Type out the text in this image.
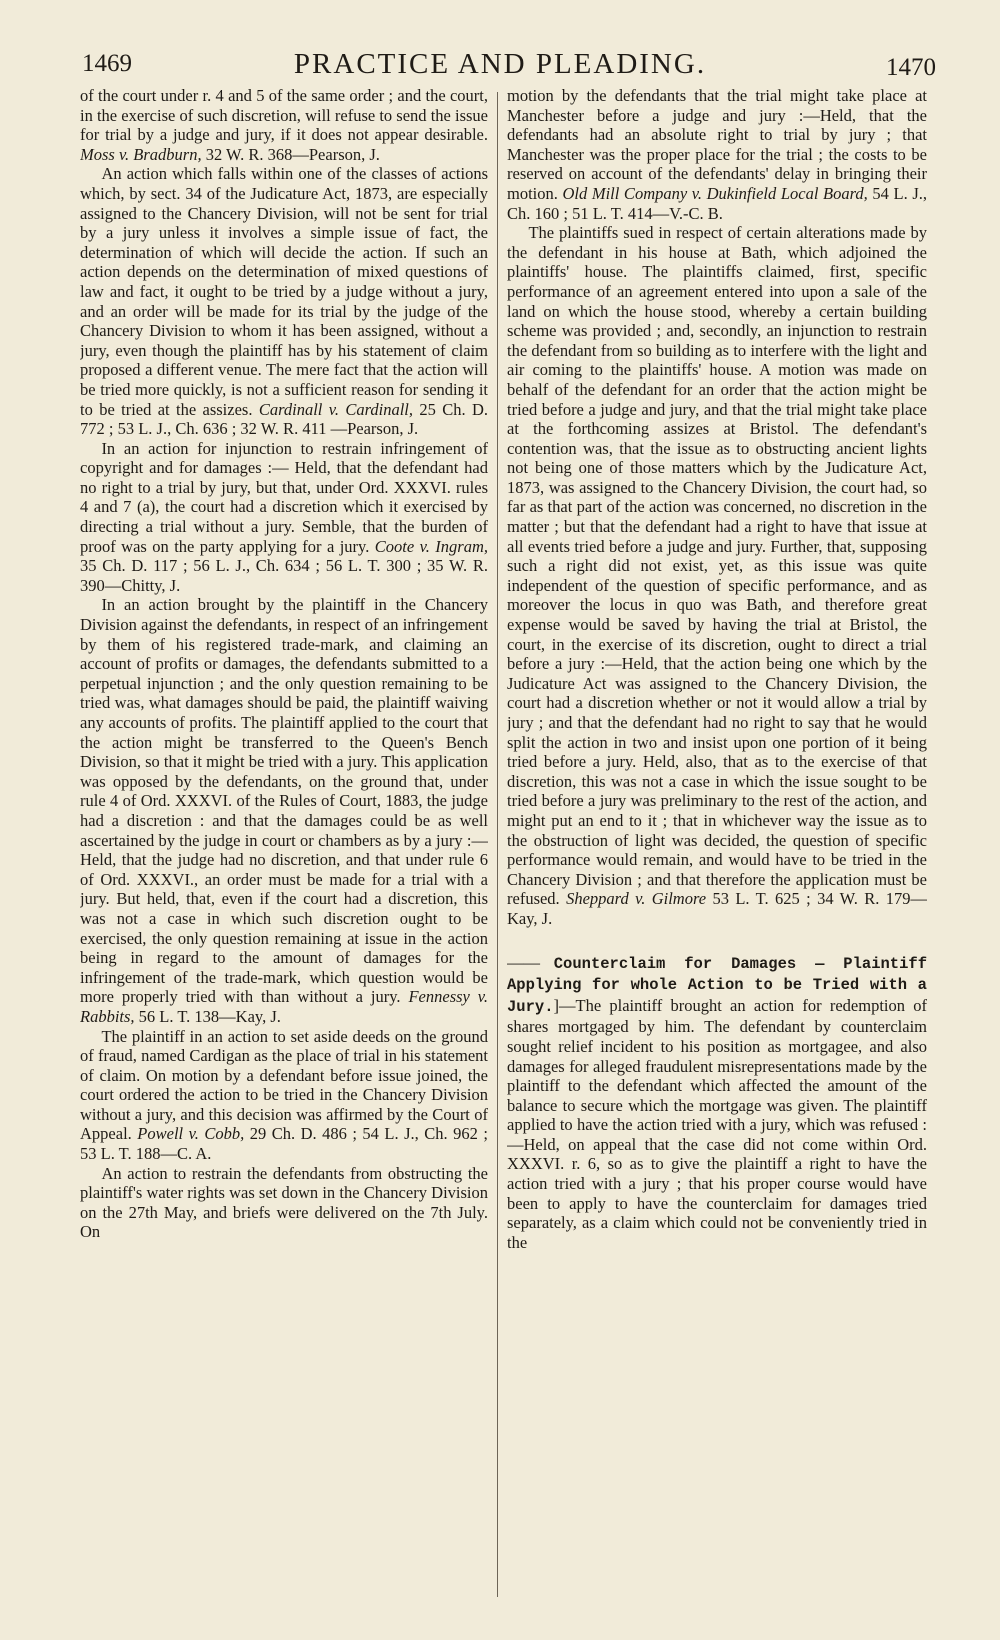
1469	PRACTICE AND PLEADING.	1470

of the court under r. 4 and 5 of the same order ; and the court, in the exercise of such discretion, will refuse to send the issue for trial by a judge and jury, if it does not appear desirable. Moss v. Bradburn, 32 W. R. 368—Pearson, J.

An action which falls within one of the classes of actions which, by sect. 34 of the Judicature Act, 1873, are especially assigned to the Chancery Division, will not be sent for trial by a jury unless it involves a simple issue of fact, the determination of which will decide the action. If such an action depends on the determination of mixed questions of law and fact, it ought to be tried by a judge without a jury, and an order will be made for its trial by the judge of the Chancery Division to whom it has been assigned, without a jury, even though the plaintiff has by his statement of claim proposed a different venue. The mere fact that the action will be tried more quickly, is not a sufficient reason for sending it to be tried at the assizes. Cardinall v. Cardinall, 25 Ch. D. 772 ; 53 L. J., Ch. 636 ; 32 W. R. 411 —Pearson, J.

In an action for injunction to restrain infringement of copyright and for damages :— Held, that the defendant had no right to a trial by jury, but that, under Ord. XXXVI. rules 4 and 7 (a), the court had a discretion which it exercised by directing a trial without a jury. Semble, that the burden of proof was on the party applying for a jury. Coote v. Ingram, 35 Ch. D. 117 ; 56 L. J., Ch. 634 ; 56 L. T. 300 ; 35 W. R. 390—Chitty, J.

In an action brought by the plaintiff in the Chancery Division against the defendants, in respect of an infringement by them of his registered trade-mark, and claiming an account of profits or damages, the defendants submitted to a perpetual injunction ; and the only question remaining to be tried was, what damages should be paid, the plaintiff waiving any accounts of profits. The plaintiff applied to the court that the action might be transferred to the Queen's Bench Division, so that it might be tried with a jury. This application was opposed by the defendants, on the ground that, under rule 4 of Ord. XXXVI. of the Rules of Court, 1883, the judge had a discretion : and that the damages could be as well ascertained by the judge in court or chambers as by a jury :—Held, that the judge had no discretion, and that under rule 6 of Ord. XXXVI., an order must be made for a trial with a jury. But held, that, even if the court had a discretion, this was not a case in which such discretion ought to be exercised, the only question remaining at issue in the action being in regard to the amount of damages for the infringement of the trade-mark, which question would be more properly tried with than without a jury. Fennessy v. Rabbits, 56 L. T. 138—Kay, J.

The plaintiff in an action to set aside deeds on the ground of fraud, named Cardigan as the place of trial in his statement of claim. On motion by a defendant before issue joined, the court ordered the action to be tried in the Chancery Division without a jury, and this decision was affirmed by the Court of Appeal. Powell v. Cobb, 29 Ch. D. 486 ; 54 L. J., Ch. 962 ; 53 L. T. 188—C. A.

An action to restrain the defendants from obstructing the plaintiff's water rights was set down in the Chancery Division on the 27th May, and briefs were delivered on the 7th July. On

motion by the defendants that the trial might take place at Manchester before a judge and jury :—Held, that the defendants had an absolute right to trial by jury ; that Manchester was the proper place for the trial ; the costs to be reserved on account of the defendants' delay in bringing their motion. Old Mill Company v. Dukinfield Local Board, 54 L. J., Ch. 160 ; 51 L. T. 414—V.-C. B.

The plaintiffs sued in respect of certain alterations made by the defendant in his house at Bath, which adjoined the plaintiffs' house. The plaintiffs claimed, first, specific performance of an agreement entered into upon a sale of the land on which the house stood, whereby a certain building scheme was provided ; and, secondly, an injunction to restrain the defendant from so building as to interfere with the light and air coming to the plaintiffs' house. A motion was made on behalf of the defendant for an order that the action might be tried before a judge and jury, and that the trial might take place at the forthcoming assizes at Bristol. The defendant's contention was, that the issue as to obstructing ancient lights not being one of those matters which by the Judicature Act, 1873, was assigned to the Chancery Division, the court had, so far as that part of the action was concerned, no discretion in the matter ; but that the defendant had a right to have that issue at all events tried before a judge and jury. Further, that, supposing such a right did not exist, yet, as this issue was quite independent of the question of specific performance, and as moreover the locus in quo was Bath, and therefore great expense would be saved by having the trial at Bristol, the court, in the exercise of its discretion, ought to direct a trial before a jury :—Held, that the action being one which by the Judicature Act was assigned to the Chancery Division, the court had a discretion whether or not it would allow a trial by jury ; and that the defendant had no right to say that he would split the action in two and insist upon one portion of it being tried before a jury. Held, also, that as to the exercise of that discretion, this was not a case in which the issue sought to be tried before a jury was preliminary to the rest of the action, and might put an end to it ; that in whichever way the issue as to the obstruction of light was decided, the question of specific performance would remain, and would have to be tried in the Chancery Division ; and that therefore the application must be refused. Sheppard v. Gilmore 53 L. T. 625 ; 34 W. R. 179—Kay, J.

—— Counterclaim for Damages — Plaintiff Applying for whole Action to be Tried with a Jury.]—The plaintiff brought an action for redemption of shares mortgaged by him. The defendant by counterclaim sought relief incident to his position as mortgagee, and also damages for alleged fraudulent misrepresentations made by the plaintiff to the defendant which affected the amount of the balance to secure which the mortgage was given. The plaintiff applied to have the action tried with a jury, which was refused :—Held, on appeal that the case did not come within Ord. XXXVI. r. 6, so as to give the plaintiff a right to have the action tried with a jury ; that his proper course would have been to apply to have the counterclaim for damages tried separately, as a claim which could not be conveniently tried in the
